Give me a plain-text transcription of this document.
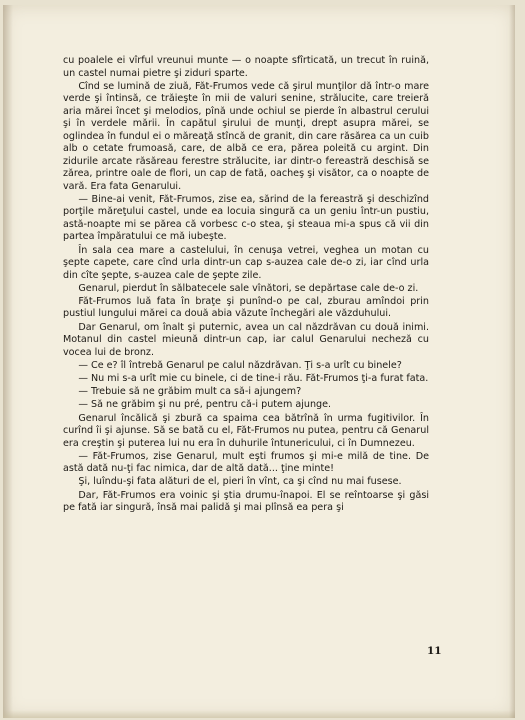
cu poalele ei vîrful vreunui munte — o noapte sfîrticată, un trecut în ruină, un castel numai pietre şi ziduri sparte.

Cînd se lumină de ziuă, Făt-Frumos vede că şirul munţilor dă într-o mare verde şi întinsă, ce trăieşte în mii de valuri senine, strălucite, care treieră aria mărei încet şi melodios, pînă unde ochiul se pierde în albastrul cerului şi în verdele mării. În capătul şirului de munţi, drept asupra mărei, se oglindea în fundul ei o măreaţă stîncă de granit, din care răsărea ca un cuib alb o cetate frumoasă, care, de albă ce era, părea poleită cu argint. Din zidurile arcate răsăreau ferestre strălucite, iar dintr-o fereastră deschisă se zărea, printre oale de flori, un cap de fată, oacheş şi visător, ca o noapte de vară. Era fata Genarului.

— Bine-ai venit, Făt-Frumos, zise ea, sărind de la fereastră şi deschizînd porţile măreţului castel, unde ea locuia singură ca un geniu într-un pustiu, astă-noapte mi se părea că vorbesc c-o stea, şi steaua mi-a spus că vii din partea împăratului ce mă iubeşte.

În sala cea mare a castelului, în cenuşa vetrei, veghea un motan cu şepte capete, care cînd urla dintr-un cap s-auzea cale de-o zi, iar cînd urla din cîte şepte, s-auzea cale de şepte zile.

Genarul, pierdut în sălbatecele sale vînători, se depărtase cale de-o zi.

Făt-Frumos luă fata în braţe şi punînd-o pe cal, zburau amîndoi prin pustiul lungului mărei ca două abia văzute închegări ale văzduhului.

Dar Genarul, om înalt şi puternic, avea un cal năzdrăvan cu două inimi. Motanul din castel mieună dintr-un cap, iar calul Genarului necheză cu vocea lui de bronz.

— Ce e? îl întrebă Genarul pe calul năzdrăvan. Ţi s-a urît cu binele?

— Nu mi s-a urît mie cu binele, ci de tine-i rău. Făt-Frumos ţi-a furat fata.

— Trebuie să ne grăbim mult ca să-i ajungem?

— Să ne grăbim şi nu pré, pentru că-i putem ajunge.

Genarul încălică şi zbură ca spaima cea bătrînă în urma fugitivilor. În curînd îi şi ajunse. Să se bată cu el, Făt-Frumos nu putea, pentru că Genarul era creştin şi puterea lui nu era în duhurile întunericului, ci în Dumnezeu.

— Făt-Frumos, zise Genarul, mult eşti frumos şi mi-e milă de tine. De astă dată nu-ţi fac nimica, dar de altă dată... ţine minte!

Şi, luîndu-şi fata alături de el, pieri în vînt, ca şi cînd nu mai fusese.

Dar, Făt-Frumos era voinic şi ştia drumu-înapoi. El se reîntoarse şi găsi pe fată iar singură, însă mai palidă şi mai plînsă ea pera şi

11
